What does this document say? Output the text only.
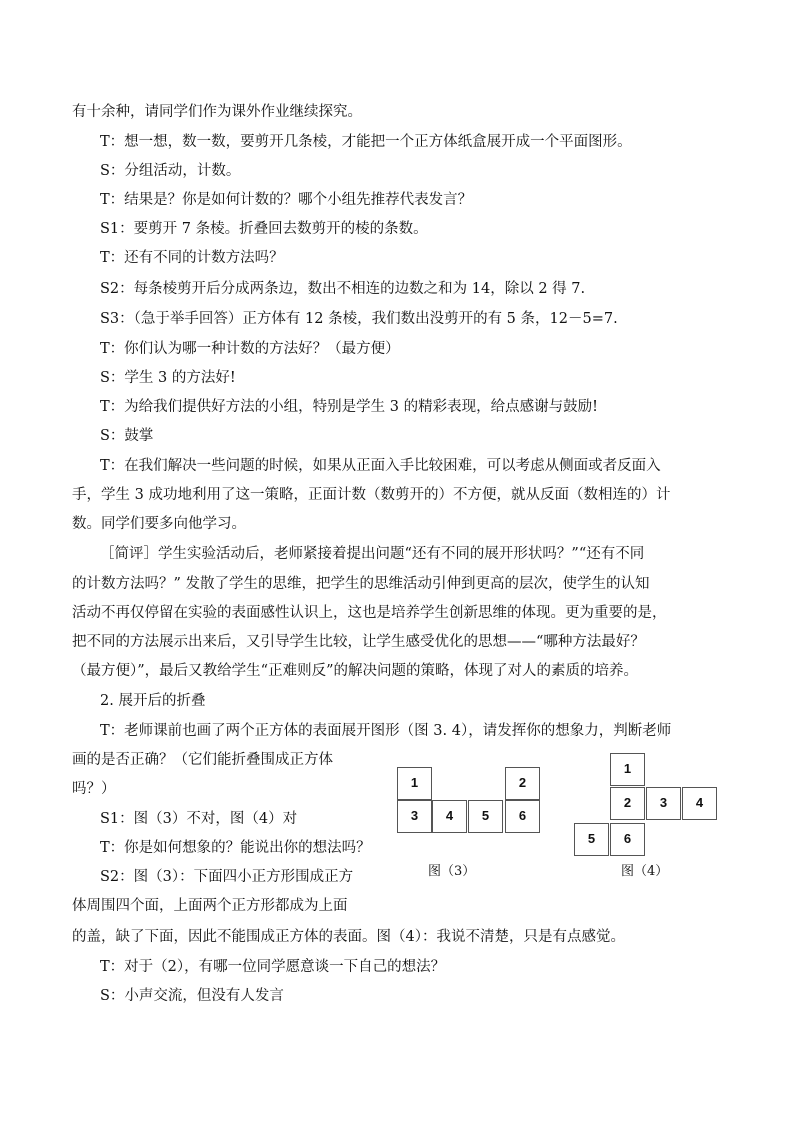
有十余种，请同学们作为课外作业继续探究。
T：想一想，数一数，要剪开几条棱，才能把一个正方体纸盒展开成一个平面图形。
S：分组活动，计数。
T：结果是？你是如何计数的？哪个小组先推荐代表发言？
S1：要剪开 7 条棱。折叠回去数剪开的棱的条数。
T：还有不同的计数方法吗？
S2：每条棱剪开后分成两条边，数出不相连的边数之和为 14，除以 2 得 7.
S3：（急于举手回答）正方体有 12 条棱，我们数出没剪开的有 5 条，12－5=7.
T：你们认为哪一种计数的方法好？（最方便）
S：学生 3 的方法好!
T：为给我们提供好方法的小组，特别是学生 3 的精彩表现，给点感谢与鼓励!
S：鼓掌
T：在我们解决一些问题的时候，如果从正面入手比较困难，可以考虑从侧面或者反面入
手，学生 3 成功地利用了这一策略，正面计数（数剪开的）不方便，就从反面（数相连的）计
数。同学们要多向他学习。
［简评］学生实验活动后，老师紧接着提出问题“还有不同的展开形状吗？”“还有不同
的计数方法吗？” 发散了学生的思维，把学生的思维活动引伸到更高的层次，使学生的认知
活动不再仅停留在实验的表面感性认识上，这也是培养学生创新思维的体现。更为重要的是，
把不同的方法展示出来后，又引导学生比较，让学生感受优化的思想——“哪种方法最好？
（最方便）”，最后又教给学生“正难则反”的解决问题的策略，体现了对人的素质的培养。
2. 展开后的折叠
T：老师课前也画了两个正方体的表面展开图形（图 3. 4），请发挥你的想象力，判断老师
画的是否正确？（它们能折叠围成正方体
吗？）
S1：图（3）不对，图（4）对
T：你是如何想象的？能说出你的想法吗？
S2：图（3）：下面四小正方形围成正方
体周围四个面，上面两个正方形都成为上面
的盖，缺了下面，因此不能围成正方体的表面。图（4）：我说不清楚，只是有点感觉。
T：对于（2），有哪一位同学愿意谈一下自己的想法？
S：小声交流，但没有人发言
1	2
3	4	5	6
图（3）
1
2	3	4
5	6
图（4）
